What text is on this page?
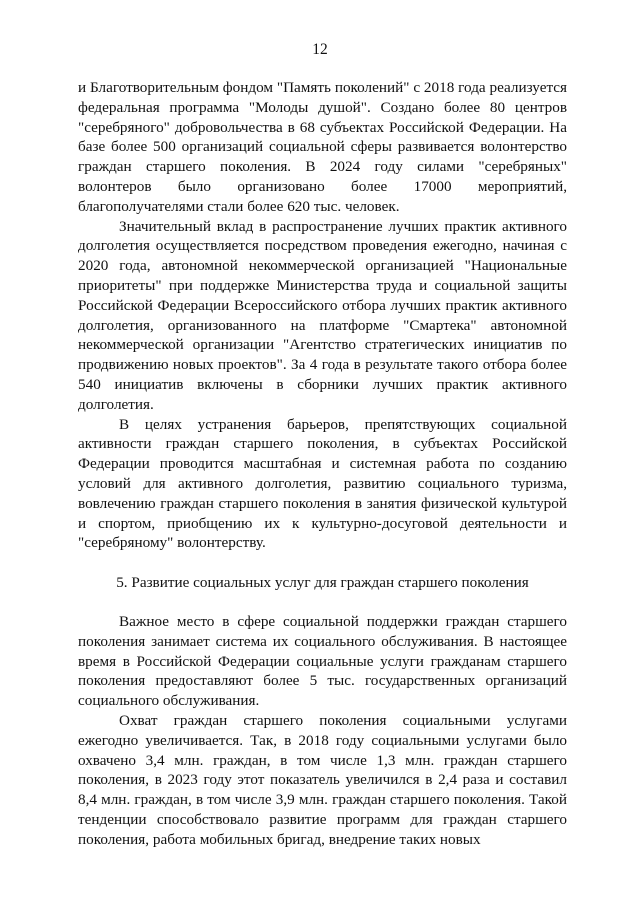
12

и Благотворительным фондом "Память поколений" с 2018 года реализуется федеральная программа "Молоды душой". Создано более 80 центров "серебряного" добровольчества в 68 субъектах Российской Федерации. На базе более 500 организаций социальной сферы развивается волонтерство граждан старшего поколения. В 2024 году силами "серебряных" волонтеров было организовано более 17000 мероприятий, благополучателями стали более 620 тыс. человек.

Значительный вклад в распространение лучших практик активного долголетия осуществляется посредством проведения ежегодно, начиная с 2020 года, автономной некоммерческой организацией "Национальные приоритеты" при поддержке Министерства труда и социальной защиты Российской Федерации Всероссийского отбора лучших практик активного долголетия, организованного на платформе "Смартека" автономной некоммерческой организации "Агентство стратегических инициатив по продвижению новых проектов". За 4 года в результате такого отбора более 540 инициатив включены в сборники лучших практик активного долголетия.

В целях устранения барьеров, препятствующих социальной активности граждан старшего поколения, в субъектах Российской Федерации проводится масштабная и системная работа по созданию условий для активного долголетия, развитию социального туризма, вовлечению граждан старшего поколения в занятия физической культурой и спортом, приобщению их к культурно-досуговой деятельности и "серебряному" волонтерству.

5. Развитие социальных услуг для граждан старшего поколения

Важное место в сфере социальной поддержки граждан старшего поколения занимает система их социального обслуживания. В настоящее время в Российской Федерации социальные услуги гражданам старшего поколения предоставляют более 5 тыс. государственных организаций социального обслуживания.

Охват граждан старшего поколения социальными услугами ежегодно увеличивается. Так, в 2018 году социальными услугами было охвачено 3,4 млн. граждан, в том числе 1,3 млн. граждан старшего поколения, в 2023 году этот показатель увеличился в 2,4 раза и составил 8,4 млн. граждан, в том числе 3,9 млн. граждан старшего поколения. Такой тенденции способствовало развитие программ для граждан старшего поколения, работа мобильных бригад, внедрение таких новых
